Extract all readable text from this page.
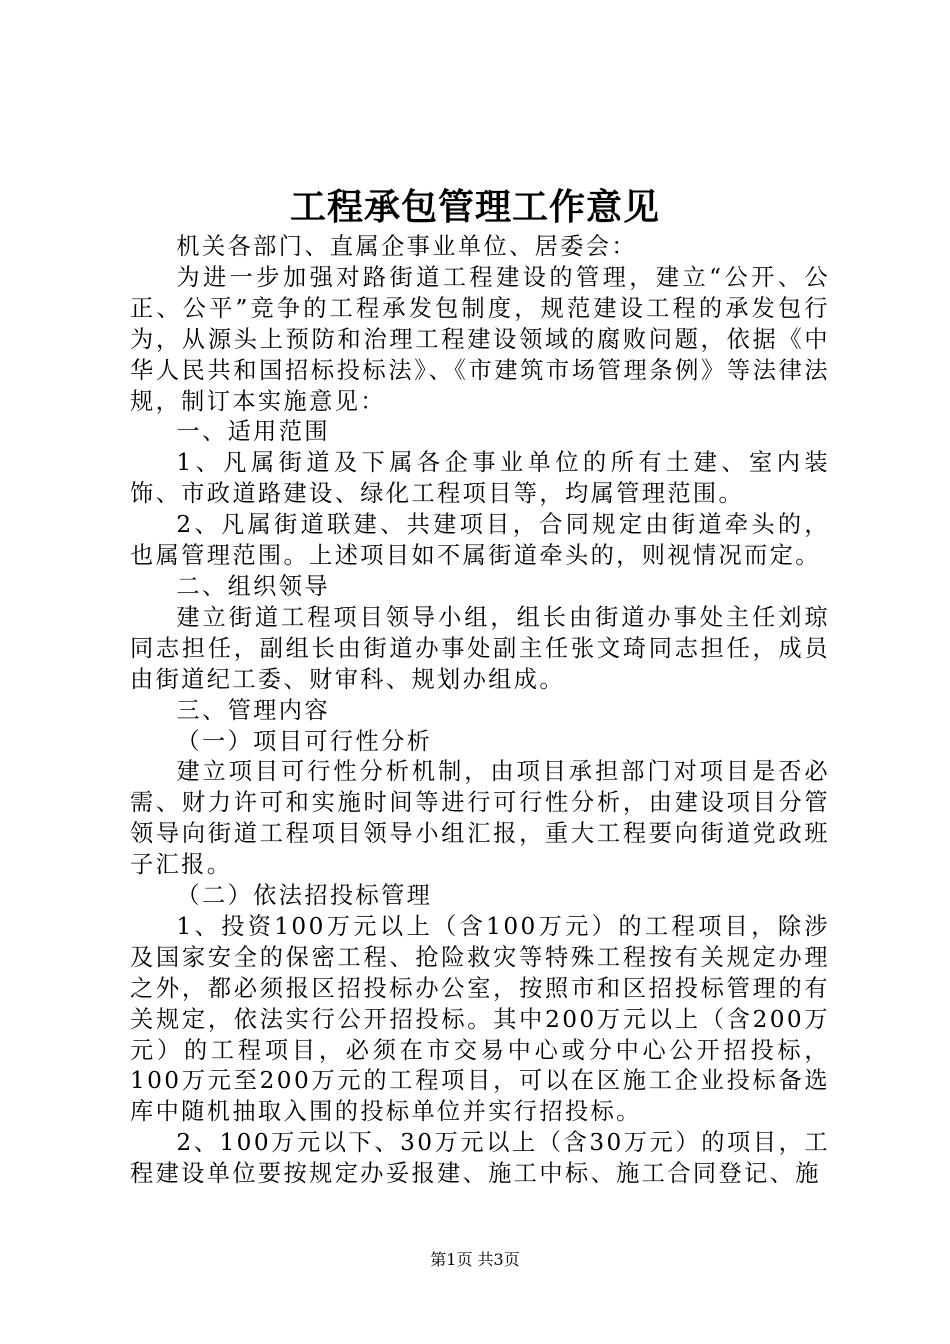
工程承包管理工作意见

机关各部门、直属企事业单位、居委会：

为进一步加强对路街道工程建设的管理，建立“公开、公正、公平”竞争的工程承发包制度，规范建设工程的承发包行为，从源头上预防和治理工程建设领域的腐败问题，依据《中华人民共和国招标投标法》、《市建筑市场管理条例》等法律法规，制订本实施意见：

一、适用范围

1、凡属街道及下属各企事业单位的所有土建、室内装饰、市政道路建设、绿化工程项目等，均属管理范围。

2、凡属街道联建、共建项目，合同规定由街道牵头的，也属管理范围。上述项目如不属街道牵头的，则视情况而定。

二、组织领导

建立街道工程项目领导小组，组长由街道办事处主任刘琼同志担任，副组长由街道办事处副主任张文琦同志担任，成员由街道纪工委、财审科、规划办组成。

三、管理内容

（一）项目可行性分析

建立项目可行性分析机制，由项目承担部门对项目是否必需、财力许可和实施时间等进行可行性分析，由建设项目分管领导向街道工程项目领导小组汇报，重大工程要向街道党政班子汇报。

（二）依法招投标管理

1、投资100万元以上（含100万元）的工程项目，除涉及国家安全的保密工程、抢险救灾等特殊工程按有关规定办理之外，都必须报区招投标办公室，按照市和区招投标管理的有关规定，依法实行公开招投标。其中200万元以上（含200万元）的工程项目，必须在市交易中心或分中心公开招投标，100万元至200万元的工程项目，可以在区施工企业投标备选库中随机抽取入围的投标单位并实行招投标。

2、100万元以下、30万元以上（含30万元）的项目，工程建设单位要按规定办妥报建、施工中标、施工合同登记、施

第1页 共3页
